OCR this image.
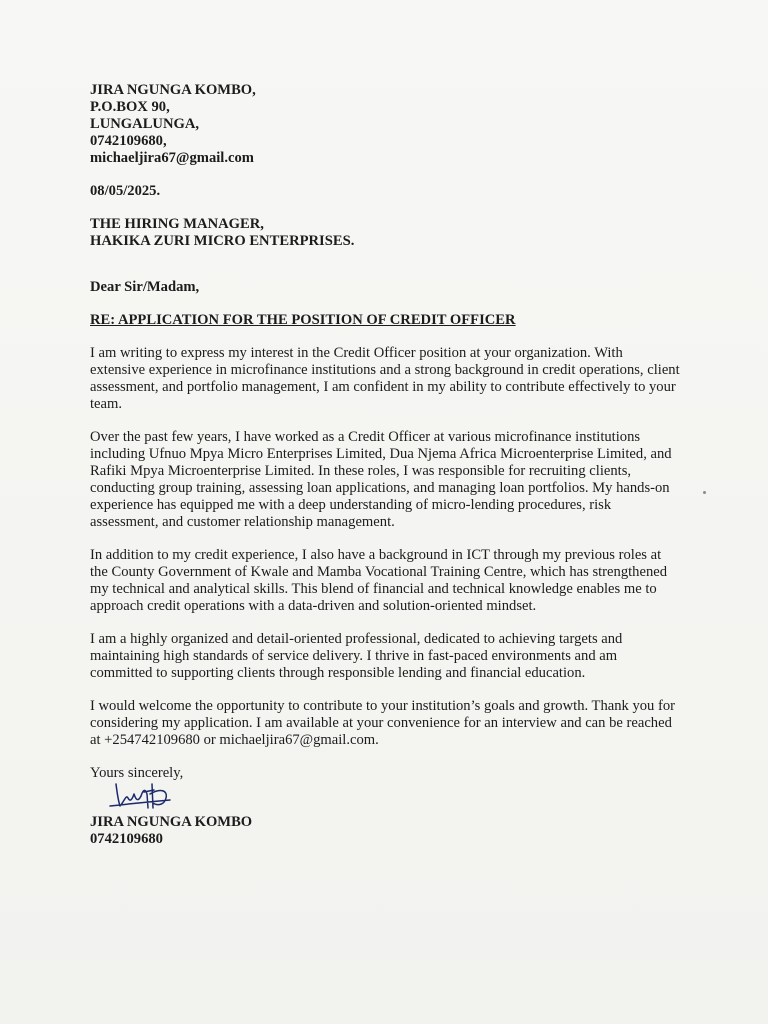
JIRA NGUNGA KOMBO,
P.O.BOX 90,
LUNGALUNGA,
0742109680,
michaeljira67@gmail.com
08/05/2025.
THE HIRING MANAGER,
HAKIKA ZURI MICRO ENTERPRISES.
Dear Sir/Madam,
RE: APPLICATION FOR THE POSITION OF CREDIT OFFICER

I am writing to express my interest in the Credit Officer position at your organization. With extensive experience in microfinance institutions and a strong background in credit operations, client assessment, and portfolio management, I am confident in my ability to contribute effectively to your team.

Over the past few years, I have worked as a Credit Officer at various microfinance institutions including Ufnuo Mpya Micro Enterprises Limited, Dua Njema Africa Microenterprise Limited, and Rafiki Mpya Microenterprise Limited. In these roles, I was responsible for recruiting clients, conducting group training, assessing loan applications, and managing loan portfolios. My hands-on experience has equipped me with a deep understanding of micro-lending procedures, risk assessment, and customer relationship management.

In addition to my credit experience, I also have a background in ICT through my previous roles at the County Government of Kwale and Mamba Vocational Training Centre, which has strengthened my technical and analytical skills. This blend of financial and technical knowledge enables me to approach credit operations with a data-driven and solution-oriented mindset.

I am a highly organized and detail-oriented professional, dedicated to achieving targets and maintaining high standards of service delivery. I thrive in fast-paced environments and am committed to supporting clients through responsible lending and financial education.

I would welcome the opportunity to contribute to your institution’s goals and growth. Thank you for considering my application. I am available at your convenience for an interview and can be reached at +254742109680 or michaeljira67@gmail.com.

Yours sincerely,
JIRA NGUNGA KOMBO
0742109680
